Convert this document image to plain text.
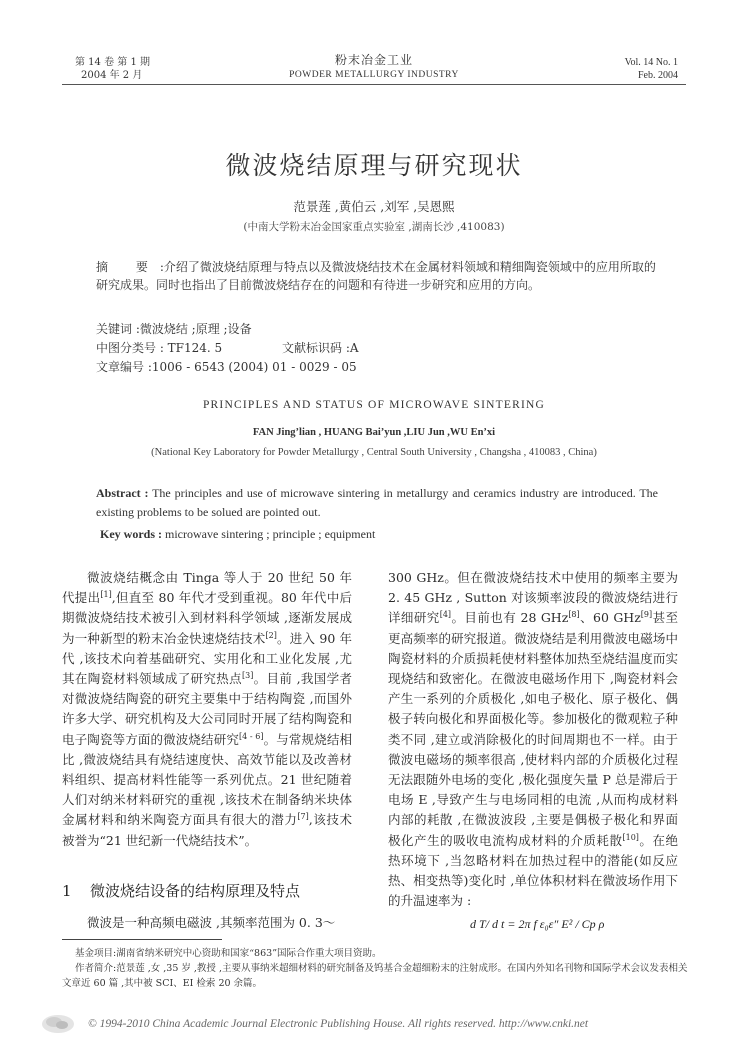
第 14 卷 第 1 期
2004 年 2 月
粉末冶金工业
POWDER METALLURGY INDUSTRY
Vol. 14 No. 1
Feb. 2004
微波烧结原理与研究现状
范景莲 ,黄伯云 ,刘军 ,吴恩熙
(中南大学粉末冶金国家重点实验室 ,湖南长沙 ,410083)
摘 要:介绍了微波烧结原理与特点以及微波烧结技术在金属材料领域和精细陶瓷领域中的应用所取的研究成果。同时也指出了目前微波烧结存在的问题和有待进一步研究和应用的方向。
关键词 :微波烧结 ;原理 ;设备
中图分类号 : TF124. 5	文献标识码 :A
文章编号 :1006 - 6543 (2004) 01 - 0029 - 05
PRINCIPLES AND STATUS OF MICROWAVE SINTERING
FAN Jing’lian , HUANG Bai’yun ,LIU Jun ,WU En’xi
(National Key Laboratory for Powder Metallurgy , Central South University , Changsha , 410083 , China)
Abstract : The principles and use of microwave sintering in metallurgy and ceramics industry are introduced. The existing problems to be solued are pointed out.
Key words : microwave sintering ; principle ; equipment

微波烧结概念由 Tinga 等人于 20 世纪 50 年代提出[1],但直至 80 年代才受到重视。80 年代中后期微波烧结技术被引入到材料科学领域 ,逐渐发展成为一种新型的粉末冶金快速烧结技术[2]。进入 90 年代 ,该技术向着基础研究、实用化和工业化发展 ,尤其在陶瓷材料领域成了研究热点[3]。目前 ,我国学者对微波烧结陶瓷的研究主要集中于结构陶瓷 ,而国外许多大学、研究机构及大公司同时开展了结构陶瓷和电子陶瓷等方面的微波烧结研究[4 - 6]。与常规烧结相比 ,微波烧结具有烧结速度快、高效节能以及改善材料组织、提高材料性能等一系列优点。21 世纪随着人们对纳米材料研究的重视 ,该技术在制备纳米块体金属材料和纳米陶瓷方面具有很大的潜力[7],该技术被誉为“21 世纪新一代烧结技术”。

1 微波烧结设备的结构原理及特点
微波是一种高频电磁波 ,其频率范围为 0. 3～

300 GHz。但在微波烧结技术中使用的频率主要为 2. 45 GHz , Sutton 对该频率波段的微波烧结进行详细研究[4]。目前也有 28 GHz[8]、60 GHz[9]甚至更高频率的研究报道。微波烧结是利用微波电磁场中陶瓷材料的介质损耗使材料整体加热至烧结温度而实现烧结和致密化。在微波电磁场作用下 ,陶瓷材料会产生一系列的介质极化 ,如电子极化、原子极化、偶极子转向极化和界面极化等。参加极化的微观粒子种类不同 ,建立或消除极化的时间周期也不一样。由于微波电磁场的频率很高 ,使材料内部的介质极化过程无法跟随外电场的变化 ,极化强度矢量 P 总是滞后于电场 E ,导致产生与电场同相的电流 ,从而构成材料内部的耗散 ,在微波波段 ,主要是偶极子极化和界面极化产生的吸收电流构成材料的介质耗散[10]。在绝热环境下 ,当忽略材料在加热过程中的潜能(如反应热、相变热等)变化时 ,单位体积材料在微波场作用下的升温速率为 :

d T/ d t = 2π f ε₀ε″ E² / Cp ρ
基金项目:湖南省纳米研究中心资助和国家“863”国际合作重大项目资助。
作者简介:范景莲 ,女 ,35 岁 ,教授 ,主要从事纳米超细材料的研究制备及钨基合金超细粉末的注射成形。在国内外知名刊物和国际学术会议发表相关文章近 60 篇 ,其中被 SCI、EI 检索 20 余篇。
© 1994-2010 China Academic Journal Electronic Publishing House. All rights reserved. http://www.cnki.net
